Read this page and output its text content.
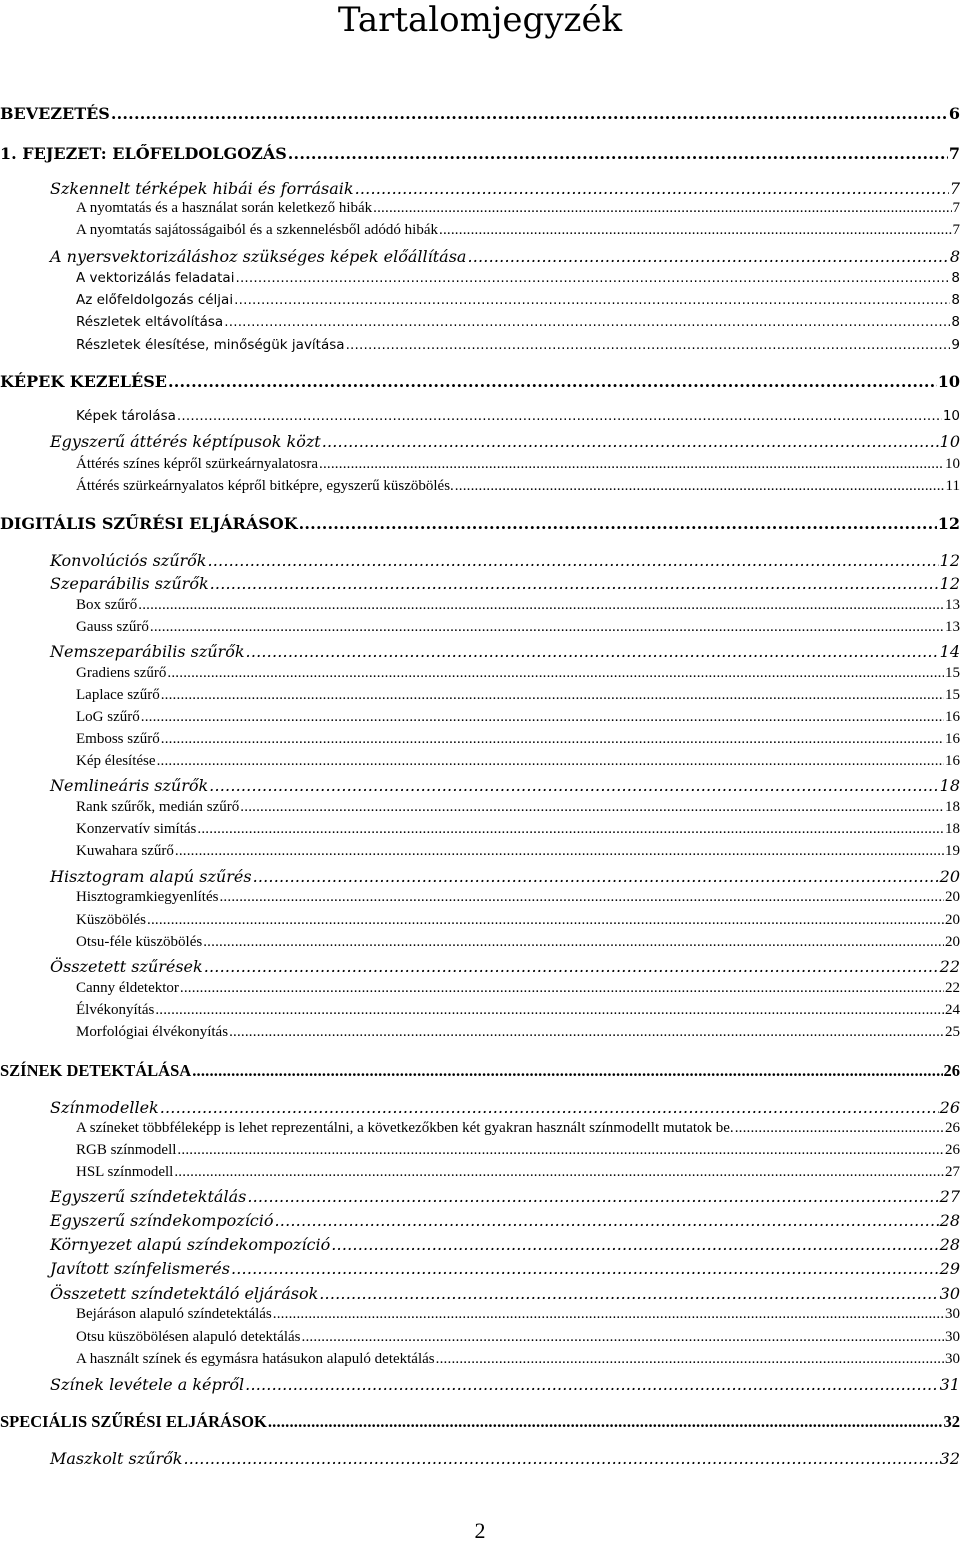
Tartalomjegyzék
BEVEZETÉS .....	6
1. FEJEZET: ELŐFELDOLGOZÁS .....	7
Szkennelt térképek hibái és forrásaik .....	7
A nyomtatás és a használat során keletkező hibák .....	7
A nyomtatás sajátosságaiból és a szkennelésből adódó hibák .....	7
A nyersvektorizáláshoz szükséges képek előállítása .....	8
A vektorizálás feladatai .....	8
Az előfeldolgozás céljai .....	8
Részletek eltávolítása .....	8
Részletek élesítése, minőségük javítása .....	9
KÉPEK KEZELÉSE .....	10
Képek tárolása .....	10
Egyszerű áttérés képtípusok közt .....	10
Áttérés színes képről szürkeárnyalatosra .....	10
Áttérés szürkeárnyalatos képről bitképre, egyszerű küszöbölés. .....	11
DIGITÁLIS SZŰRÉSI ELJÁRÁSOK .....	12
Konvolúciós szűrők .....	12
Szeparábilis szűrők .....	12
Box szűrő .....	13
Gauss szűrő .....	13
Nemszeparábilis szűrők .....	14
Gradiens szűrő .....	15
Laplace szűrő .....	15
LoG szűrő .....	16
Emboss szűrő .....	16
Kép élesítése .....	16
Nemlineáris szűrők .....	18
Rank szűrők, medián szűrő .....	18
Konzervatív simítás .....	18
Kuwahara szűrő .....	19
Hisztogram alapú szűrés .....	20
Hisztogramkiegyenlítés .....	20
Küszöbölés .....	20
Otsu-féle küszöbölés .....	20
Összetett szűrések .....	22
Canny éldetektor .....	22
Élvékonyítás .....	24
Morfológiai élvékonyítás .....	25
SZÍNEK DETEKTÁLÁSA .....	26
Színmodellek .....	26
A színeket többféleképp is lehet reprezentálni, a következőkben két gyakran használt színmodellt mutatok be. .....	26
RGB színmodell .....	26
HSL színmodell .....	27
Egyszerű színdetektálás .....	27
Egyszerű színdekompozíció .....	28
Környezet alapú színdekompozíció .....	28
Javított színfelismerés .....	29
Összetett színdetektáló eljárások .....	30
Bejáráson alapuló színdetektálás .....	30
Otsu küszöbölésen alapuló detektálás .....	30
A használt színek és egymásra hatásukon alapuló detektálás .....	30
Színek levétele a képről .....	31
SPECIÁLIS SZŰRÉSI ELJÁRÁSOK .....	32
Maszkolt szűrők .....	32
2
